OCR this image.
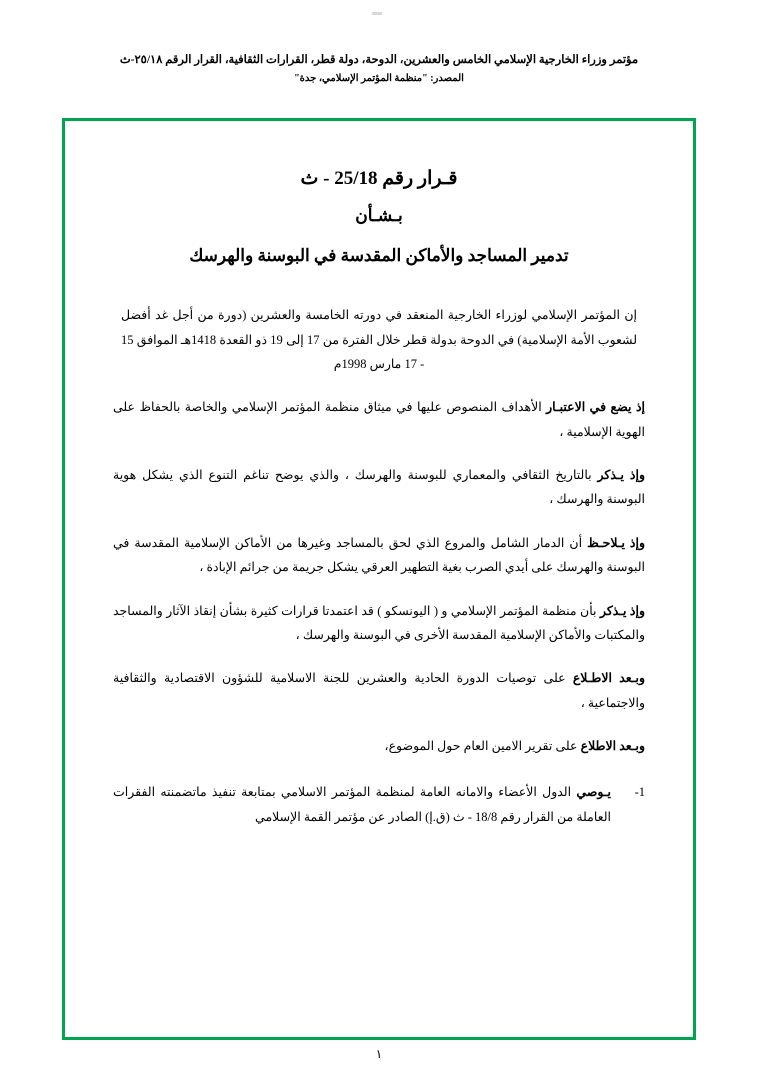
مؤتمر وزراء الخارجية الإسلامي الخامس والعشرين، الدوحة، دولة قطر، القرارات الثقافية، القرار الرقم ٢٥/١٨-ث
المصدر: "منظمة المؤتمر الإسلامي، جدة"
قـرار رقم 25/18 - ث
بـشـأن
تدمير المساجد والأماكن المقدسة في البوسنة والهرسك
إن المؤتمر الإسلامي لوزراء الخارجية المنعقد في دورته الخامسة والعشرين (دورة من أجل غد أفضل لشعوب الأمة الإسلامية) في الدوحة بدولة قطر خلال الفترة من 17 إلى 19 ذو القعدة 1418هـ الموافق 15 - 17 مارس 1998م
إذ يضع في الاعتبـار الأهداف المنصوص عليها في ميثاق منظمة المؤتمر الإسلامي والخاصة بالحفاظ على الهوية الإسلامية ،
وإذ يـذكر بالتاريخ الثقافي والمعماري للبوسنة والهرسك ، والذي يوضح تناغم التنوع الذي يشكل هوية البوسنة والهرسك ،
وإذ يـلاحـظ أن الدمار الشامل والمروع الذي لحق بالمساجد وغيرها من الأماكن الإسلامية المقدسة في البوسنة والهرسك على أيدي الصرب بغية التطهير العرقي يشكل جريمة من جرائم الإبادة ،
وإذ يـذكر بأن منظمة المؤتمر الإسلامي و ( اليونسكو ) قد اعتمدتا قرارات كثيرة بشأن إنقاذ الآثار والمساجد والمكتبات والأماكن الإسلامية المقدسة الأخرى في البوسنة والهرسك ،
وبـعد الاطـلاع على توصيات الدورة الحادية والعشرين للجنة الاسلامية للشؤون الاقتصادية والثقافية والاجتماعية ،
وبـعد الاطلاع على تقرير الامين العام حول الموضوع،
1-
يـوصي الدول الأعضاء والامانه العامة لمنظمة المؤتمر الاسلامي بمتابعة تنفيذ ماتضمنته الفقرات العاملة من القرار رقم 18/8 - ث (ق.إ) الصادر عن مؤتمر القمة الإسلامي
١
